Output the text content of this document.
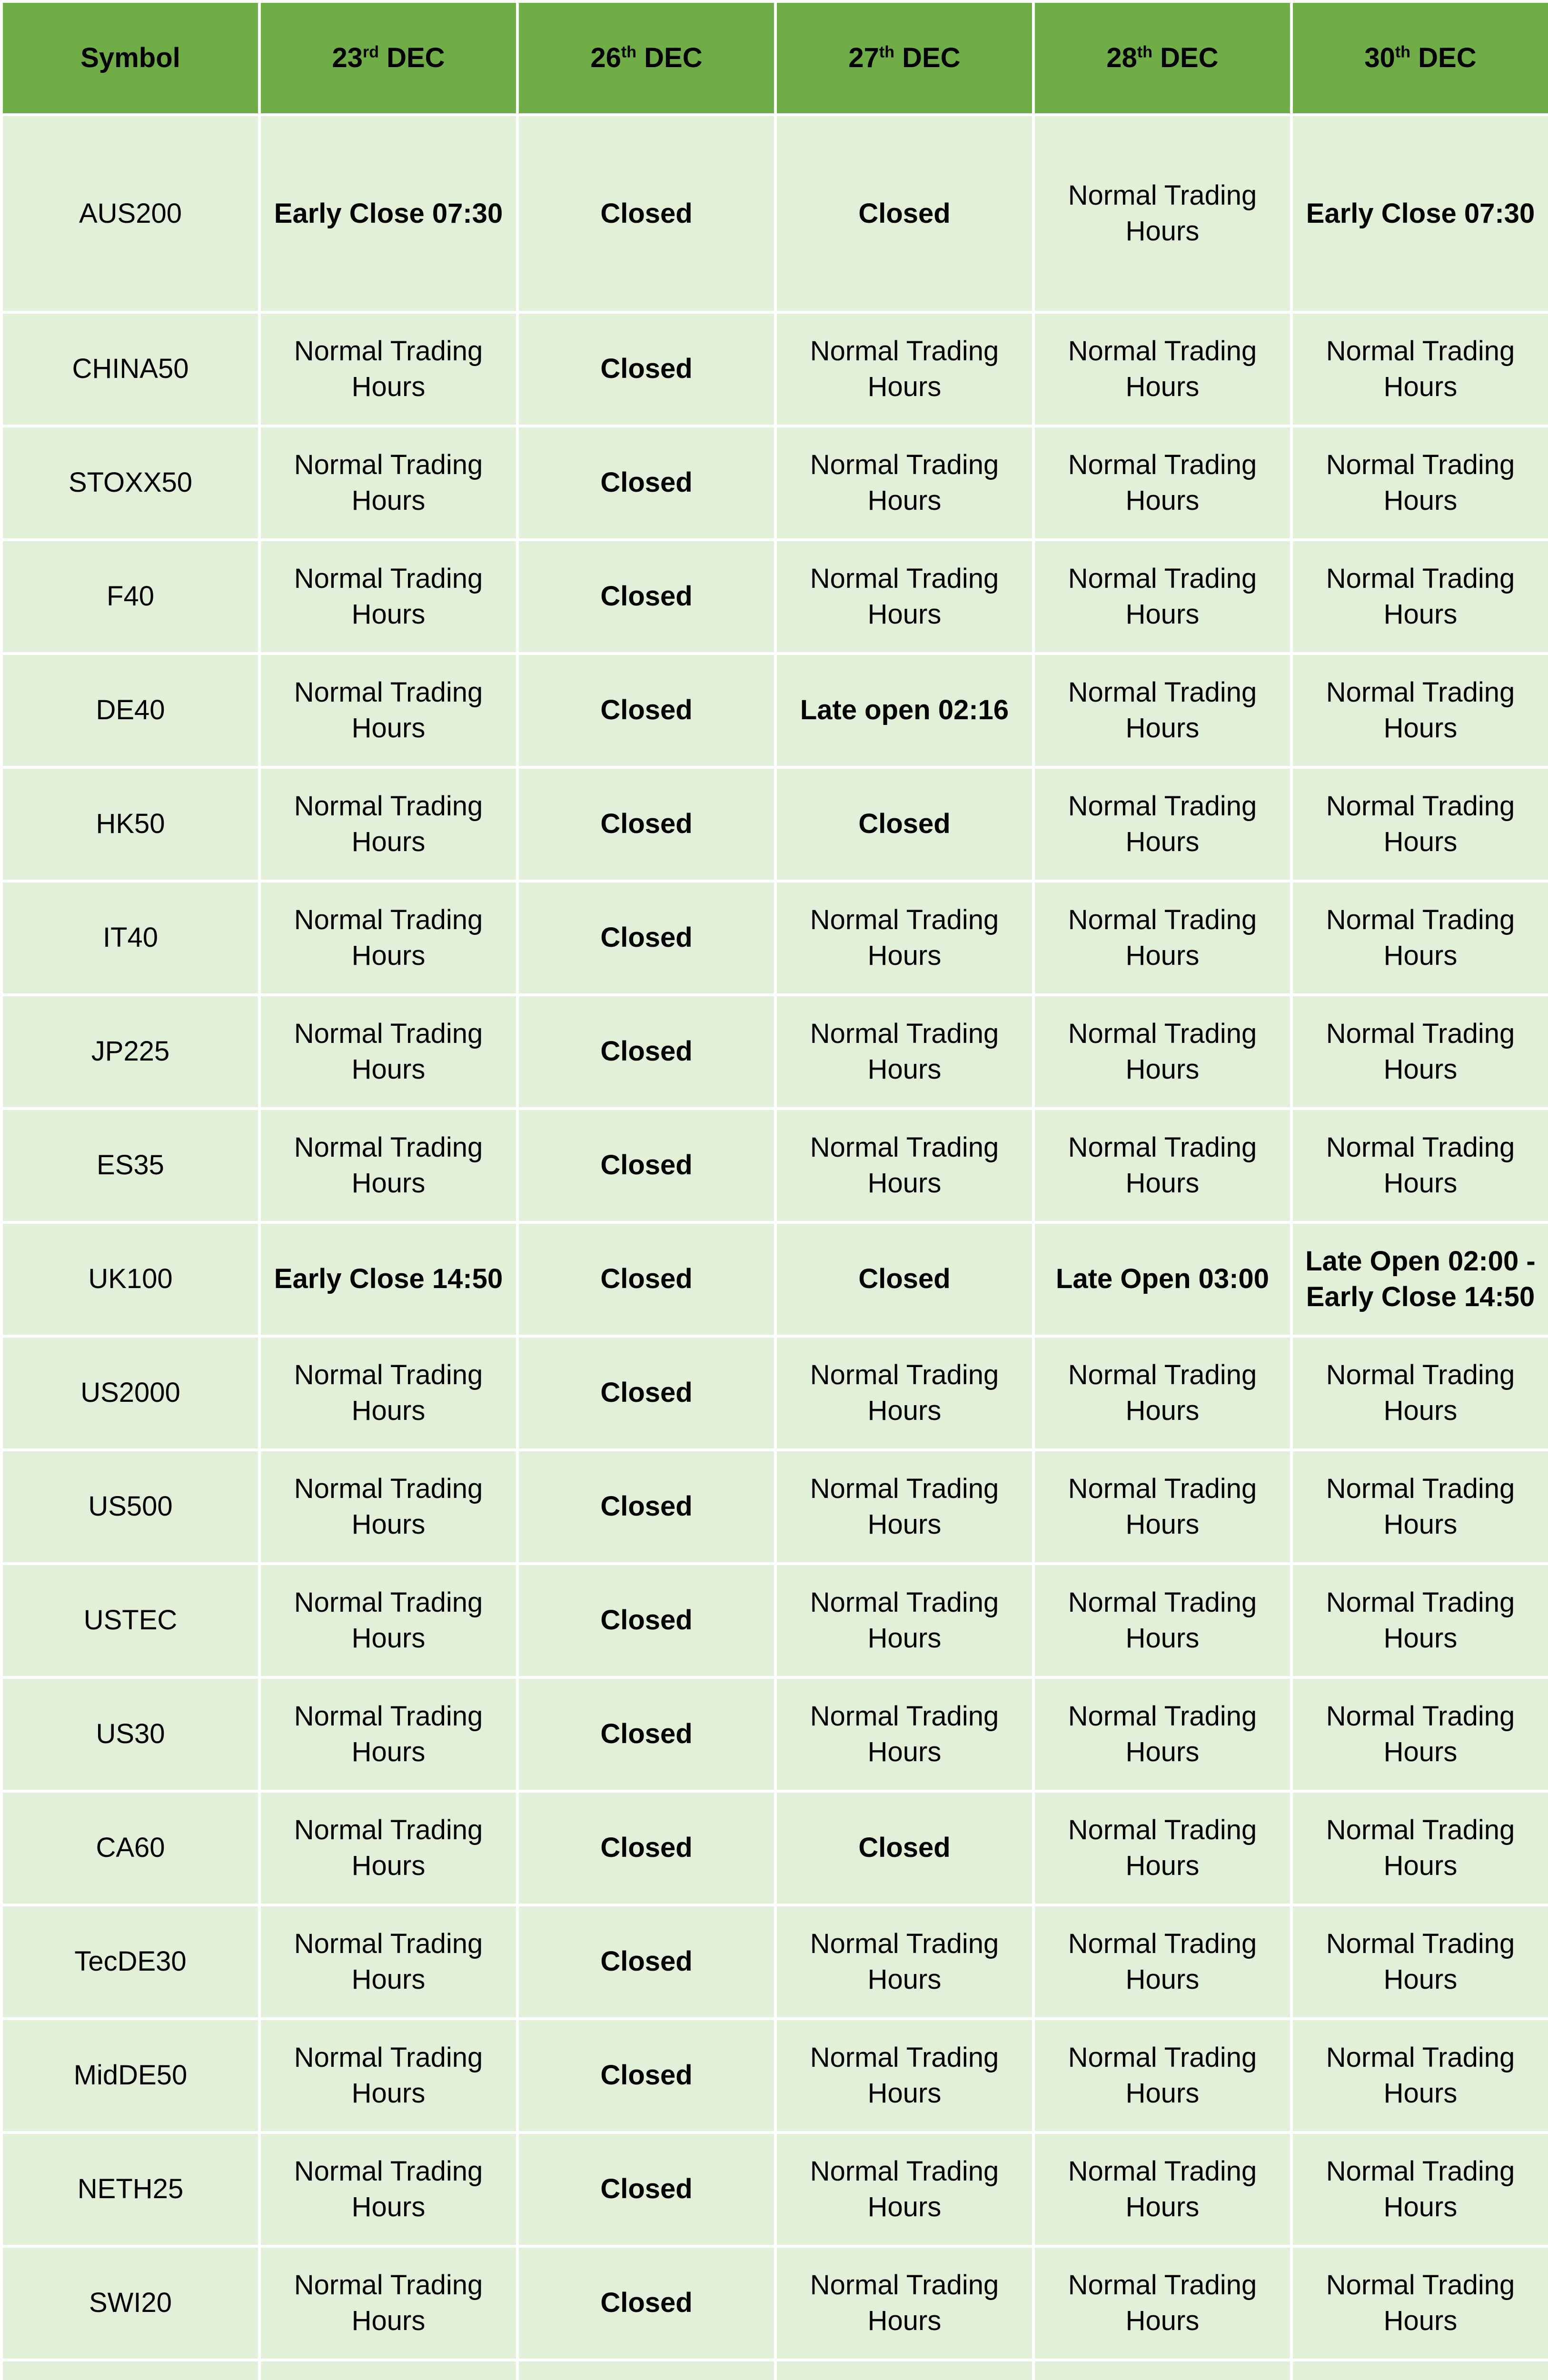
Symbol	23rd DEC	26th DEC	27th DEC	28th DEC	30th DEC
AUS200	Early Close 07:30	Closed	Closed	Normal Trading Hours	Early Close 07:30
CHINA50	Normal Trading Hours	Closed	Normal Trading Hours	Normal Trading Hours	Normal Trading Hours
STOXX50	Normal Trading Hours	Closed	Normal Trading Hours	Normal Trading Hours	Normal Trading Hours
F40	Normal Trading Hours	Closed	Normal Trading Hours	Normal Trading Hours	Normal Trading Hours
DE40	Normal Trading Hours	Closed	Late open 02:16	Normal Trading Hours	Normal Trading Hours
HK50	Normal Trading Hours	Closed	Closed	Normal Trading Hours	Normal Trading Hours
IT40	Normal Trading Hours	Closed	Normal Trading Hours	Normal Trading Hours	Normal Trading Hours
JP225	Normal Trading Hours	Closed	Normal Trading Hours	Normal Trading Hours	Normal Trading Hours
ES35	Normal Trading Hours	Closed	Normal Trading Hours	Normal Trading Hours	Normal Trading Hours
UK100	Early Close 14:50	Closed	Closed	Late Open 03:00	Late Open 02:00 - Early Close 14:50
US2000	Normal Trading Hours	Closed	Normal Trading Hours	Normal Trading Hours	Normal Trading Hours
US500	Normal Trading Hours	Closed	Normal Trading Hours	Normal Trading Hours	Normal Trading Hours
USTEC	Normal Trading Hours	Closed	Normal Trading Hours	Normal Trading Hours	Normal Trading Hours
US30	Normal Trading Hours	Closed	Normal Trading Hours	Normal Trading Hours	Normal Trading Hours
CA60	Normal Trading Hours	Closed	Closed	Normal Trading Hours	Normal Trading Hours
TecDE30	Normal Trading Hours	Closed	Normal Trading Hours	Normal Trading Hours	Normal Trading Hours
MidDE50	Normal Trading Hours	Closed	Normal Trading Hours	Normal Trading Hours	Normal Trading Hours
NETH25	Normal Trading Hours	Closed	Normal Trading Hours	Normal Trading Hours	Normal Trading Hours
SWI20	Normal Trading Hours	Closed	Normal Trading Hours	Normal Trading Hours	Normal Trading Hours
